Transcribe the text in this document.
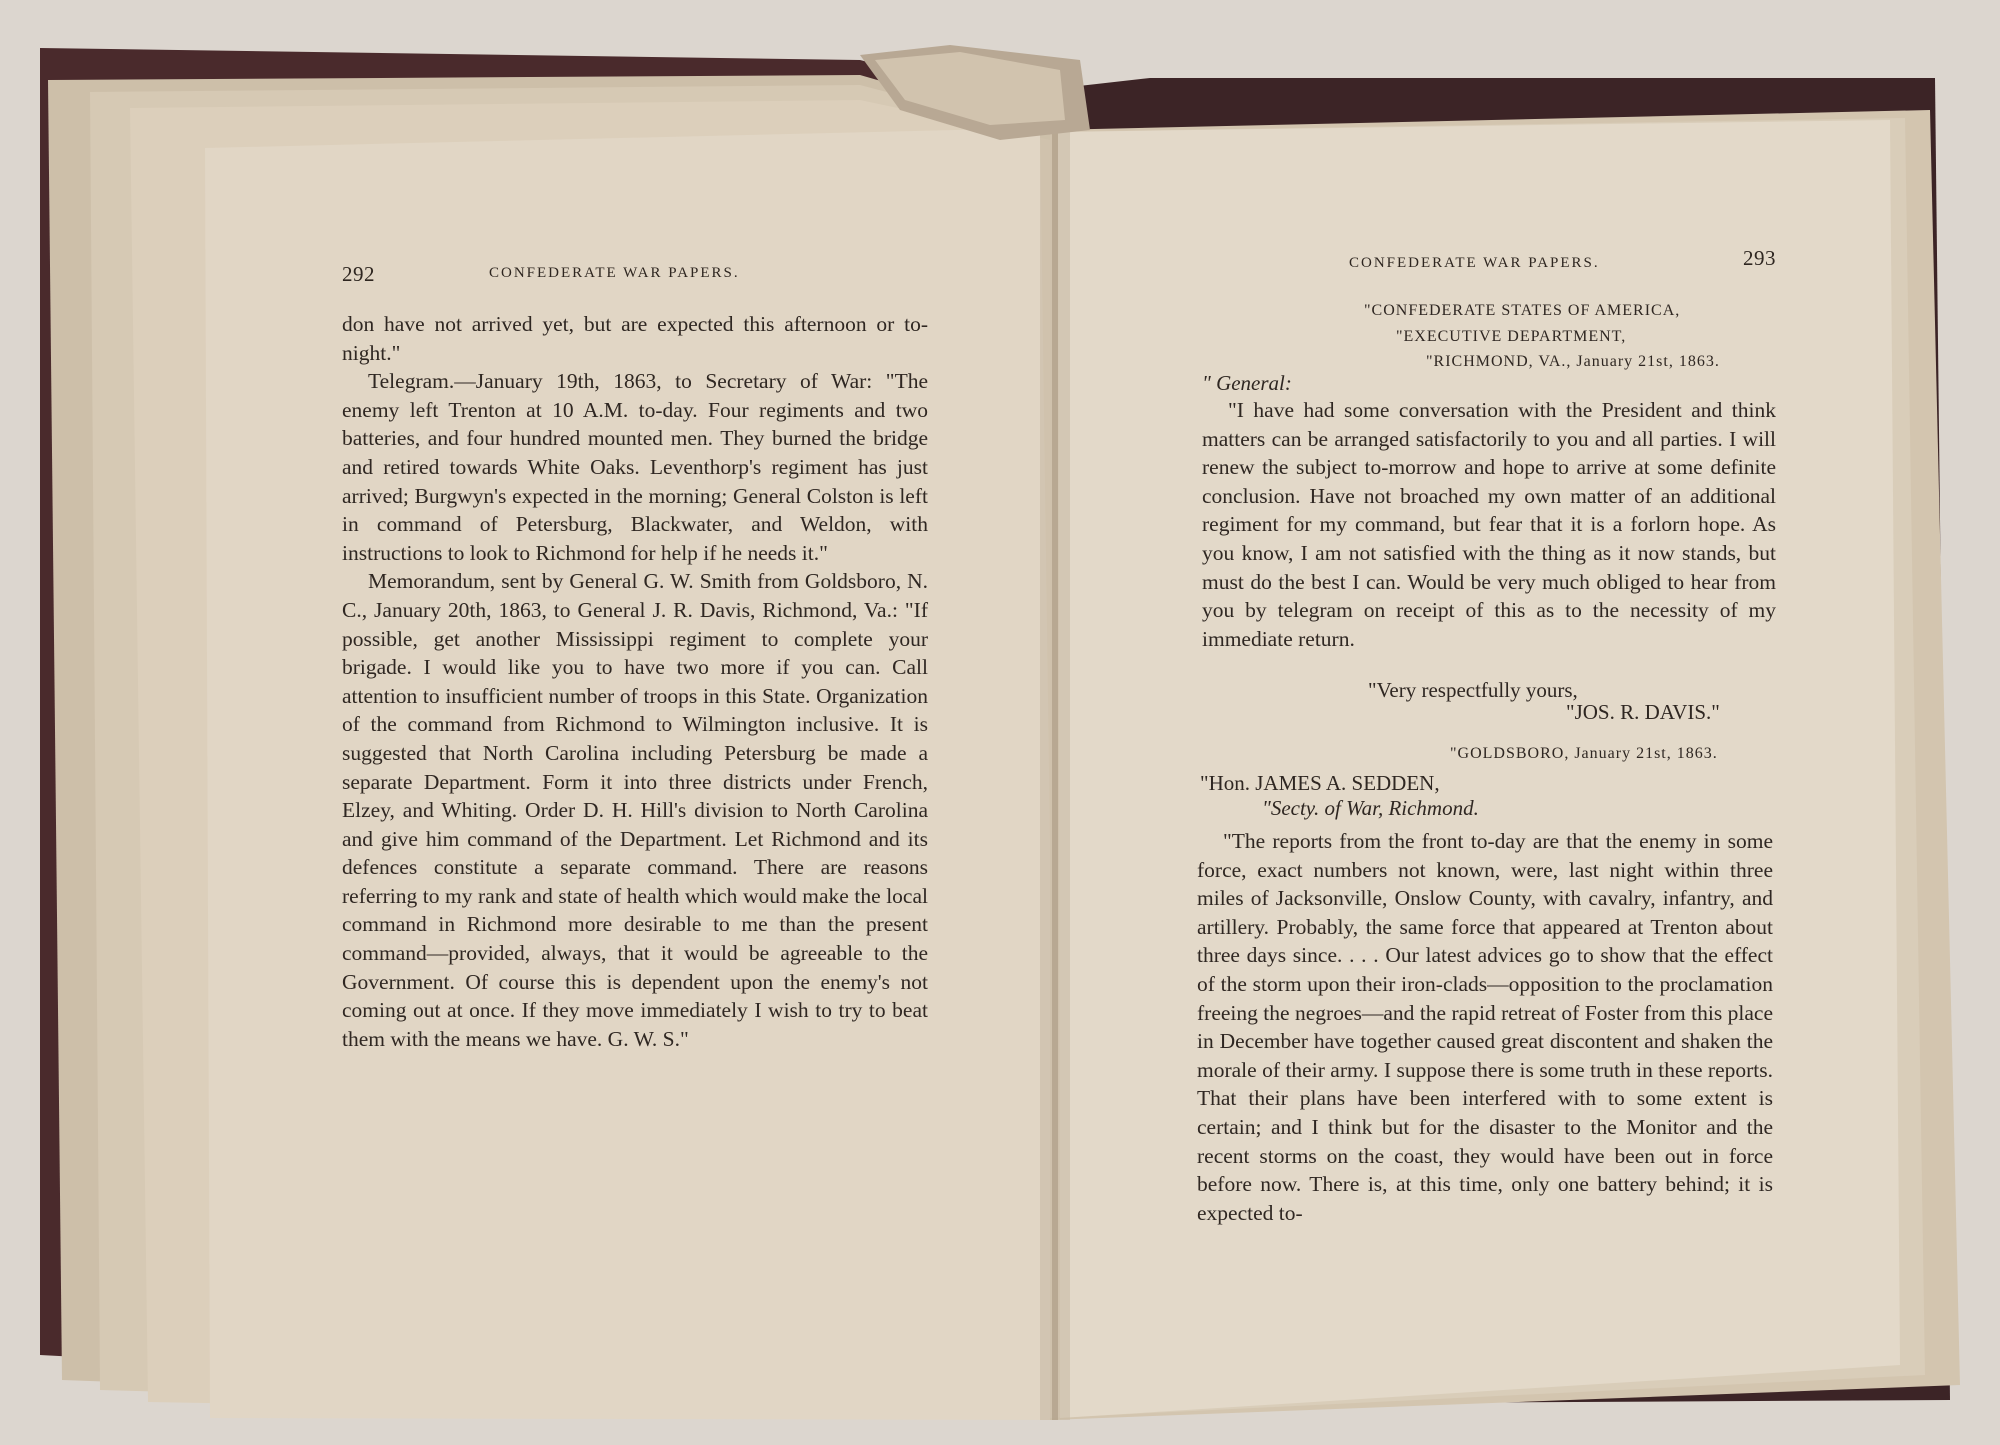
292	CONFEDERATE WAR PAPERS.

don have not arrived yet, but are expected this afternoon or to-night."

Telegram.—January 19th, 1863, to Secretary of War: "The enemy left Trenton at 10 A.M. to-day. Four regiments and two batteries, and four hundred mounted men. They burned the bridge and retired towards White Oaks. Leventhorp's regiment has just arrived; Burgwyn's expected in the morning; General Colston is left in command of Petersburg, Blackwater, and Weldon, with instructions to look to Richmond for help if he needs it."

Memorandum, sent by General G. W. Smith from Goldsboro, N. C., January 20th, 1863, to General J. R. Davis, Richmond, Va.: "If possible, get another Mississippi regiment to complete your brigade. I would like you to have two more if you can. Call attention to insufficient number of troops in this State. Organization of the command from Richmond to Wilmington inclusive. It is suggested that North Carolina including Petersburg be made a separate Department. Form it into three districts under French, Elzey, and Whiting. Order D. H. Hill's division to North Carolina and give him command of the Department. Let Richmond and its defences constitute a separate command. There are reasons referring to my rank and state of health which would make the local command in Richmond more desirable to me than the present command—provided, always, that it would be agreeable to the Government. Of course this is dependent upon the enemy's not coming out at once. If they move immediately I wish to try to beat them with the means we have. G. W. S."

CONFEDERATE WAR PAPERS.	293
"CONFEDERATE STATES OF AMERICA,
"EXECUTIVE DEPARTMENT,
"RICHMOND, VA., January 21st, 1863.
" General:

"I have had some conversation with the President and think matters can be arranged satisfactorily to you and all parties. I will renew the subject to-morrow and hope to arrive at some definite conclusion. Have not broached my own matter of an additional regiment for my command, but fear that it is a forlorn hope. As you know, I am not satisfied with the thing as it now stands, but must do the best I can. Would be very much obliged to hear from you by telegram on receipt of this as to the necessity of my immediate return.

"Very respectfully yours,
"JOS. R. DAVIS."
"GOLDSBORO, January 21st, 1863.
"Hon. JAMES A. SEDDEN,
"Secty. of War, Richmond.

"The reports from the front to-day are that the enemy in some force, exact numbers not known, were, last night within three miles of Jacksonville, Onslow County, with cavalry, infantry, and artillery. Probably, the same force that appeared at Trenton about three days since. . . . Our latest advices go to show that the effect of the storm upon their iron-clads—opposition to the proclamation freeing the negroes—and the rapid retreat of Foster from this place in December have together caused great discontent and shaken the morale of their army. I suppose there is some truth in these reports. That their plans have been interfered with to some extent is certain; and I think but for the disaster to the Monitor and the recent storms on the coast, they would have been out in force before now. There is, at this time, only one battery behind; it is expected to-
